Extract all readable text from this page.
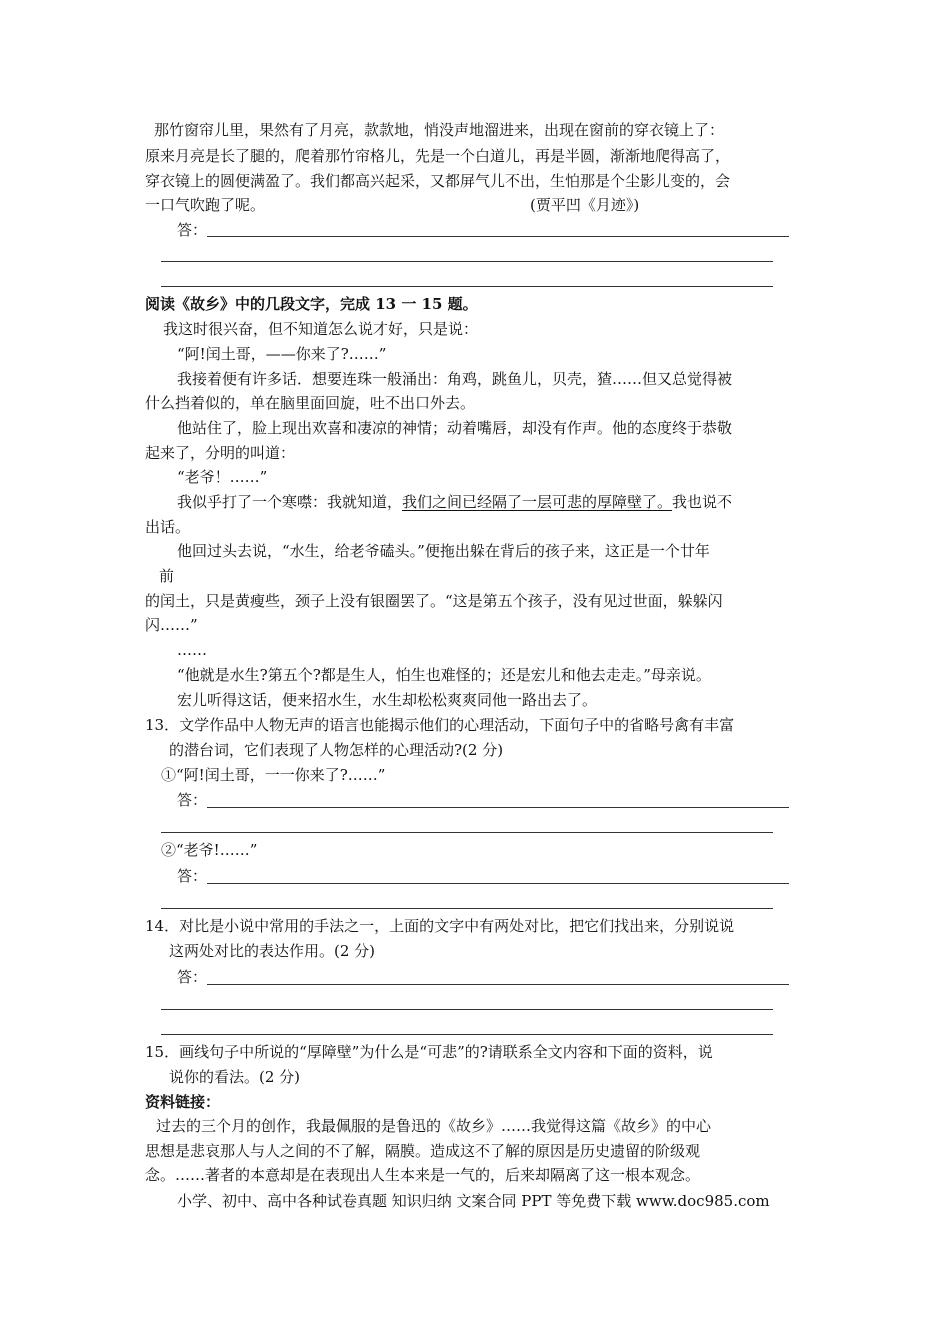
那竹窗帘儿里，果然有了月亮，款款地，悄没声地溜进来，出现在窗前的穿衣镜上了：
原来月亮是长了腿的，爬着那竹帘格儿，先是一个白道儿，再是半圆，渐渐地爬得高了，
穿衣镜上的圆便满盈了。我们都高兴起采，又都屏气儿不出，生怕那是个尘影儿变的，会
一口气吹跑了呢。	(贾平凹《月迹》)
答：
阅读《故乡》中的几段文字，完成 13 一 15 题。
我这时很兴奋，但不知道怎么说才好，只是说：
“阿!闰土哥，——你来了?……”
我接着便有许多话．想要连珠一般涌出：角鸡，跳鱼儿，贝壳，猹……但又总觉得被
什么挡着似的，单在脑里面回旋，吐不出口外去。
他站住了，脸上现出欢喜和凄凉的神情；动着嘴唇，却没有作声。他的态度终于恭敬
起来了，分明的叫道：
“老爷！……”
我似乎打了一个寒噤：我就知道，我们之间已经隔了一层可悲的厚障壁了。我也说不
出话。
他回过头去说，“水生，给老爷磕头。”便拖出躲在背后的孩子来，这正是一个廿年
前
的闰土，只是黄瘦些，颈子上没有银圈罢了。“这是第五个孩子，没有见过世面，躲躲闪
闪……”
……
“他就是水生?第五个?都是生人，怕生也难怪的；还是宏儿和他去走走。”母亲说。
宏儿听得这话，便来招水生，水生却松松爽爽同他一路出去了。
13．文学作品中人物无声的语言也能揭示他们的心理活动，下面句子中的省略号禽有丰富
的潜台词，它们表现了人物怎样的心理活动?(2 分)
①“阿!闰土哥，一一你来了?……”
答：
②“老爷!……”
答：
14．对比是小说中常用的手法之一，上面的文字中有两处对比，把它们找出来，分别说说
这两处对比的表达作用。(2 分)
答：
15．画线句子中所说的“厚障壁”为什么是“可悲”的?请联系全文内容和下面的资料，说
说你的看法。(2 分)
资料链接：
过去的三个月的创作，我最佩服的是鲁迅的《故乡》……我觉得这篇《故乡》的中心
思想是悲哀那人与人之间的不了解，隔膜。造成这不了解的原因是历史遗留的阶级观
念。……著者的本意却是在表现出人生本来是一气的，后来却隔离了这一根本观念。
小学、初中、高中各种试卷真题 知识归纳 文案合同 PPT 等免费下载 www.doc985.com
